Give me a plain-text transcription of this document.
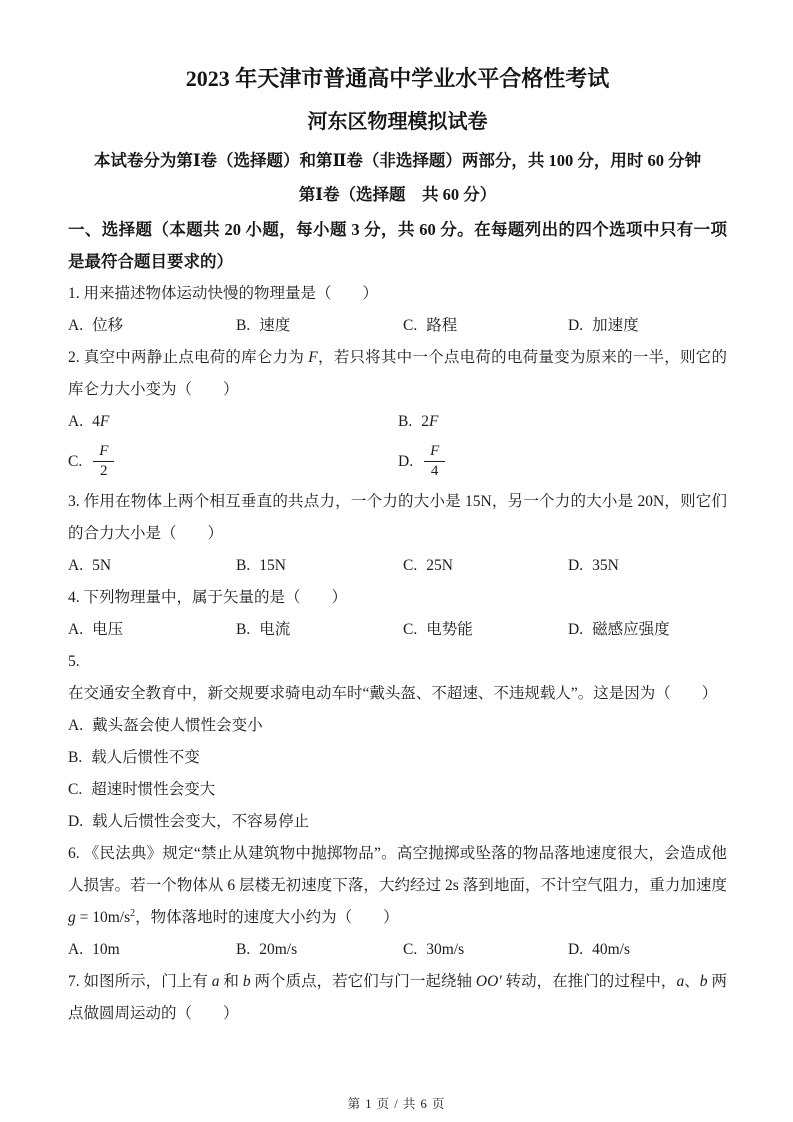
2023 年天津市普通高中学业水平合格性考试
河东区物理模拟试卷

本试卷分为第Ⅰ卷（选择题）和第Ⅱ卷（非选择题）两部分，共 100 分，用时 60 分钟

第Ⅰ卷（选择题　共 60 分）

一、选择题（本题共 20 小题，每小题 3 分，共 60 分。在每题列出的四个选项中只有一项是最符合题目要求的）

1. 用来描述物体运动快慢的物理量是（　　）
A. 位移	B. 速度	C. 路程	D. 加速度
2. 真空中两静止点电荷的库仑力为 F，若只将其中一个点电荷的电荷量变为原来的一半，则它的库仑力大小变为（　　）
A. 4 F	B. 2 F
C. $\frac{F}{2}$	D. $\frac{F}{4}$
3. 作用在物体上两个相互垂直的共点力，一个力的大小是 15N，另一个力的大小是 20N，则它们的合力大小是（　　）
A. 5N	B. 15N	C. 25N	D. 35N
4. 下列物理量中，属于矢量的是（　　）
A. 电压	B. 电流	C. 电势能	D. 磁感应强度
5. 在交通安全教育中，新交规要求骑电动车时“戴头盔、不超速、不违规载人”。这是因为（　　）
A. 戴头盔会使人惯性会变小
B. 载人后惯性不变
C. 超速时惯性会变大
D. 载人后惯性会变大，不容易停止
6. 《民法典》规定“禁止从建筑物中抛掷物品”。高空抛掷或坠落的物品落地速度很大，会造成他人损害。若一个物体从 6 层楼无初速度下落，大约经过 2s 落到地面，不计空气阻力，重力加速度 $g = 10m/s^2$，物体落地时的速度大小约为（　　）
A. 10m	B. 20m/s	C. 30m/s	D. 40m/s
7. 如图所示，门上有 a 和 b 两个质点，若它们与门一起绕轴 OO′ 转动，在推门的过程中，a、b 两点做圆周运动的（　　）
第 1 页 / 共 6 页
